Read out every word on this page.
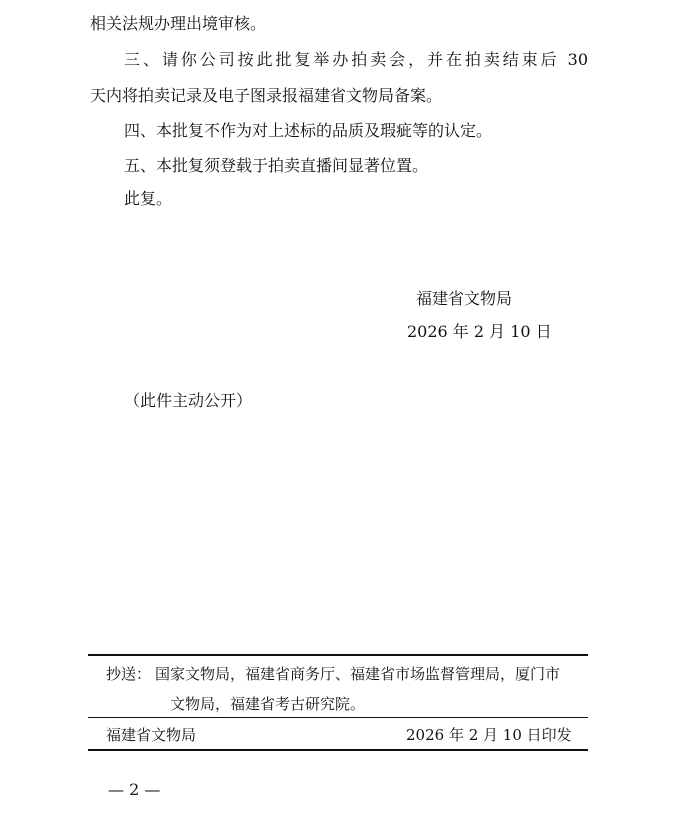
相关法规办理出境审核。
三、请你公司按此批复举办拍卖会，并在拍卖结束后 30
天内将拍卖记录及电子图录报福建省文物局备案。
四、本批复不作为对上述标的品质及瑕疵等的认定。
五、本批复须登载于拍卖直播间显著位置。
此复。
福建省文物局
2026 年 2 月 10 日
（此件主动公开）
抄送： 国家文物局，福建省商务厅、福建省市场监督管理局，厦门市
文物局，福建省考古研究院。
福建省文物局	2026 年 2 月 10 日印发
— 2 —
